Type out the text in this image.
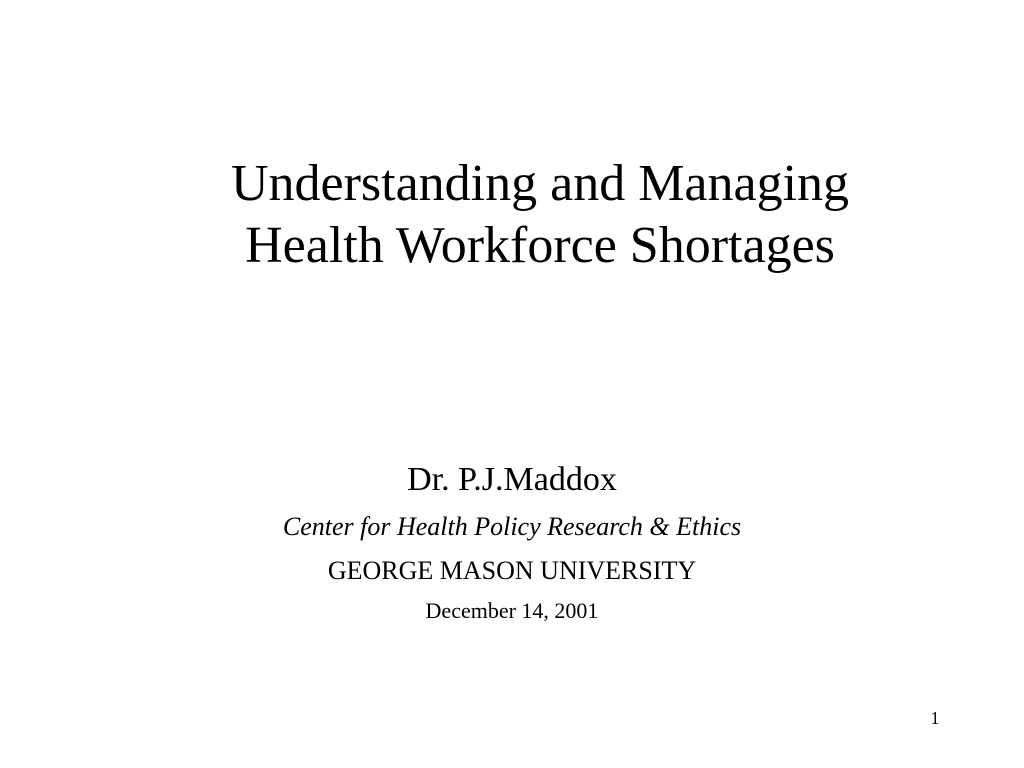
Understanding and Managing
Health Workforce Shortages
Dr. P.J.Maddox
Center for Health Policy Research & Ethics
GEORGE MASON UNIVERSITY
December 14, 2001
1
